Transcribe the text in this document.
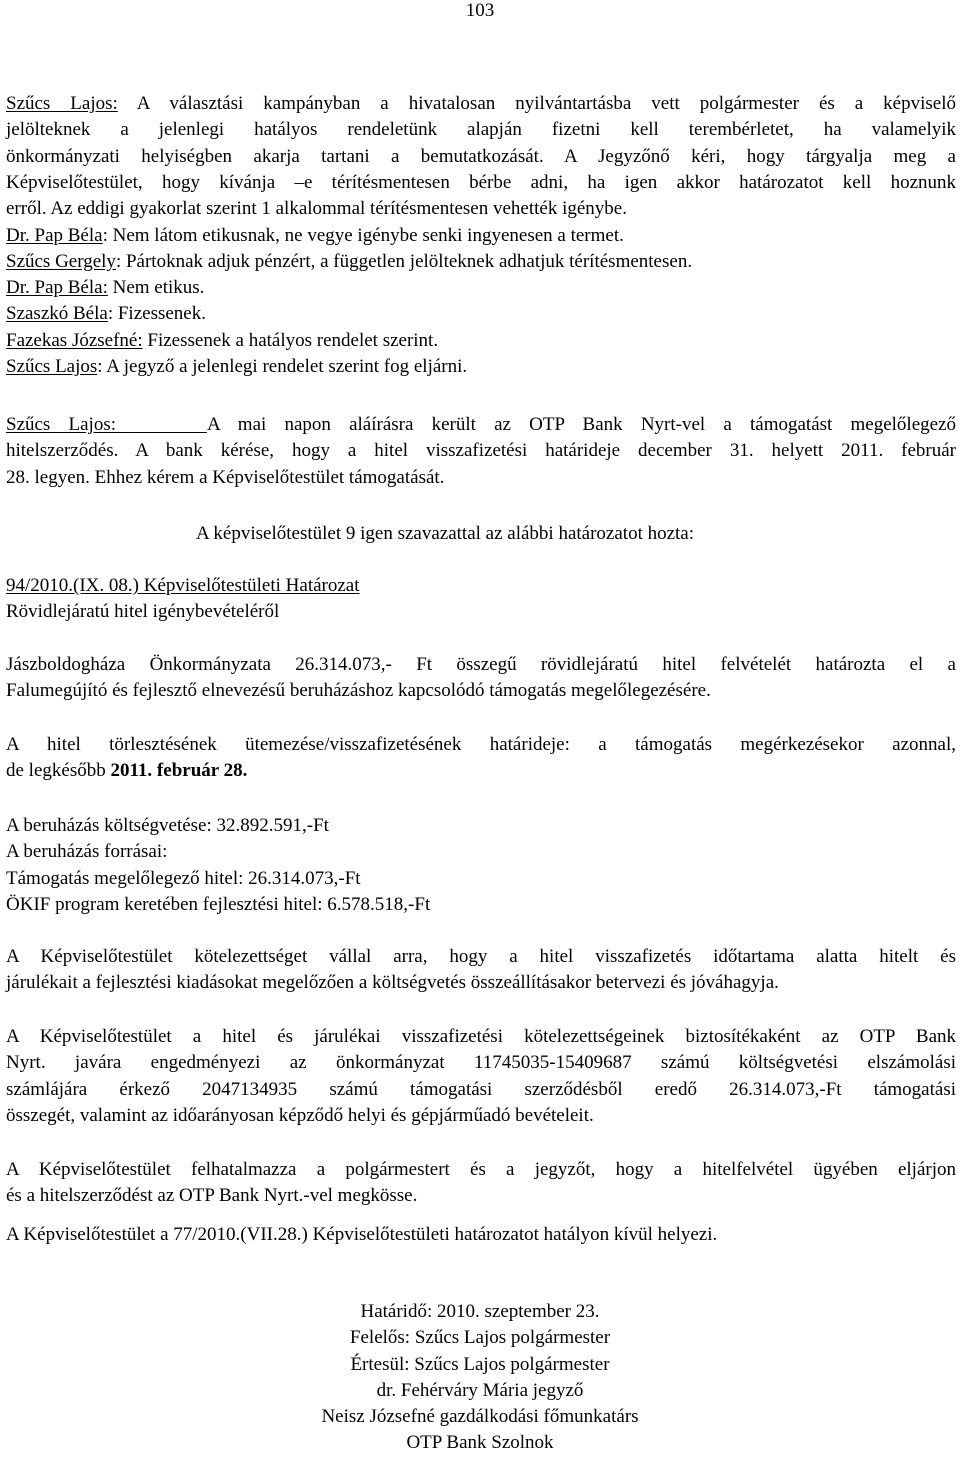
103
Szűcs Lajos: A választási kampányban a hivatalosan nyilvántartásba vett polgármester és a képviselő
jelölteknek a jelenlegi hatályos rendeletünk alapján fizetni kell terembérletet, ha valamelyik
önkormányzati helyiségben akarja tartani a bemutatkozását. A Jegyzőnő kéri, hogy tárgyalja meg a
Képviselőtestület, hogy kívánja –e térítésmentesen bérbe adni, ha igen akkor határozatot kell hoznunk
erről. Az eddigi gyakorlat szerint 1 alkalommal térítésmentesen vehették igénybe.
Dr. Pap Béla: Nem látom etikusnak, ne vegye igénybe senki ingyenesen a termet.
Szűcs Gergely: Pártoknak adjuk pénzért, a független jelölteknek adhatjuk térítésmentesen.
Dr. Pap Béla: Nem etikus.
Szaszkó Béla: Fizessenek.
Fazekas Józsefné: Fizessenek a hatályos rendelet szerint.
Szűcs Lajos: A jegyző a jelenlegi rendelet szerint fog eljárni.
Szűcs Lajos:	A mai napon aláírásra került az OTP Bank Nyrt-vel a támogatást megelőlegező
hitelszerződés. A bank kérése, hogy a hitel visszafizetési határideje december 31. helyett 2011. február
28. legyen. Ehhez kérem a Képviselőtestület támogatását.
A képviselőtestület 9 igen szavazattal az alábbi határozatot hozta:
94/2010.(IX. 08.) Képviselőtestületi Határozat
Rövidlejáratú hitel igénybevételéről
Jászboldogháza Önkormányzata 26.314.073,- Ft összegű rövidlejáratú hitel felvételét határozta el a
Falumegújító és fejlesztő elnevezésű beruházáshoz kapcsolódó támogatás megelőlegezésére.
A hitel törlesztésének ütemezése/visszafizetésének határideje: a támogatás megérkezésekor azonnal,
de legkésőbb 2011. február 28.
A beruházás költségvetése: 32.892.591,-Ft
A beruházás forrásai:
Támogatás megelőlegező hitel: 26.314.073,-Ft
ÖKIF program keretében fejlesztési hitel: 6.578.518,-Ft
A Képviselőtestület kötelezettséget vállal arra, hogy a hitel visszafizetés időtartama alatta hitelt és
járulékait a fejlesztési kiadásokat megelőzően a költségvetés összeállításakor betervezi és jóváhagyja.
A Képviselőtestület a hitel és járulékai visszafizetési kötelezettségeinek biztosítékaként az OTP Bank
Nyrt. javára engedményezi az önkormányzat 11745035-15409687 számú költségvetési elszámolási
számlájára érkező 2047134935 számú támogatási szerződésből eredő 26.314.073,-Ft támogatási
összegét, valamint az időarányosan képződő helyi és gépjárműadó bevételeit.
A Képviselőtestület felhatalmazza a polgármestert és a jegyzőt, hogy a hitelfelvétel ügyében eljárjon
és a hitelszerződést az OTP Bank Nyrt.-vel megkösse.
A Képviselőtestület a 77/2010.(VII.28.) Képviselőtestületi határozatot hatályon kívül helyezi.
Határidő: 2010. szeptember 23.
Felelős: Szűcs Lajos polgármester
Értesül: Szűcs Lajos polgármester
dr. Fehérváry Mária jegyző
Neisz Józsefné gazdálkodási főmunkatárs
OTP Bank Szolnok
